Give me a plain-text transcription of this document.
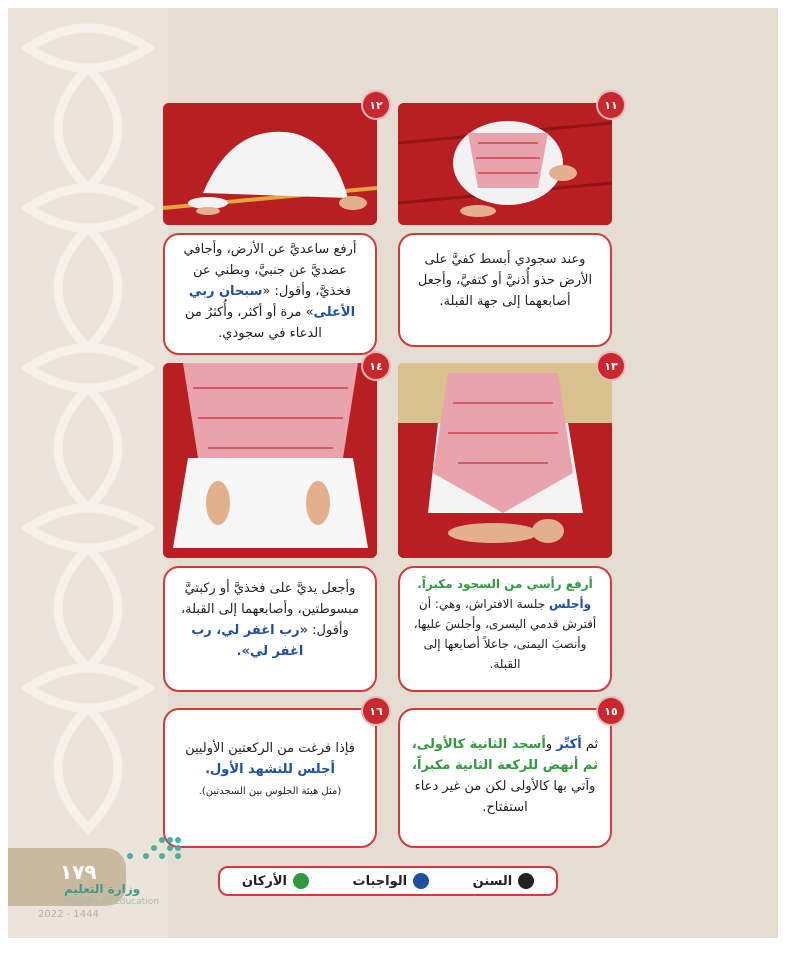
١١
١٢
وعند سجودي أبسط كفيَّ على الأرض حذو أُذنيَّ أو كتفيَّ، وأجعل أصابعهما إلى جهة القبلة.
أرفع ساعديَّ عن الأرض، وأجافي عضديَّ عن جنبيَّ، وبطني عن فخذيَّ، وأقول: «سبحان ربي الأعلى» مرة أو أكثر، وأُكثرُ من الدعاء في سجودي.
١٣
١٤
أرفع رأسي من السجود مكبراً. وأجلس جلسة الافتراش، وهي: أن أفترش قدمي اليسرى، وأجلسَ عليها، وأنصبَ اليمنى، جاعلاً أصابعها إلى القبلة.
وأجعل يديَّ على فخذيَّ أو ركبتيَّ مبسوطتين، وأصابعهما إلى القبلة، وأقول: «رب اغفر لي، رب اغفر لي».
ثم أكبِّر وأسجد الثانية كالأولى، ثم أنهض للركعة الثانية مكبراً، وآتي بها كالأولى لكن من غير دعاء استفتاح.
١٥
فإذا فرغت من الركعتين الأوليين أجلس للتشهد الأول.
(مثل هيئة الجلوس بين السجدتين).
١٦
الأركان	الواجبات	السنن
١٧٩
وزارة التعليم
Ministry of Education
2022 - 1444
